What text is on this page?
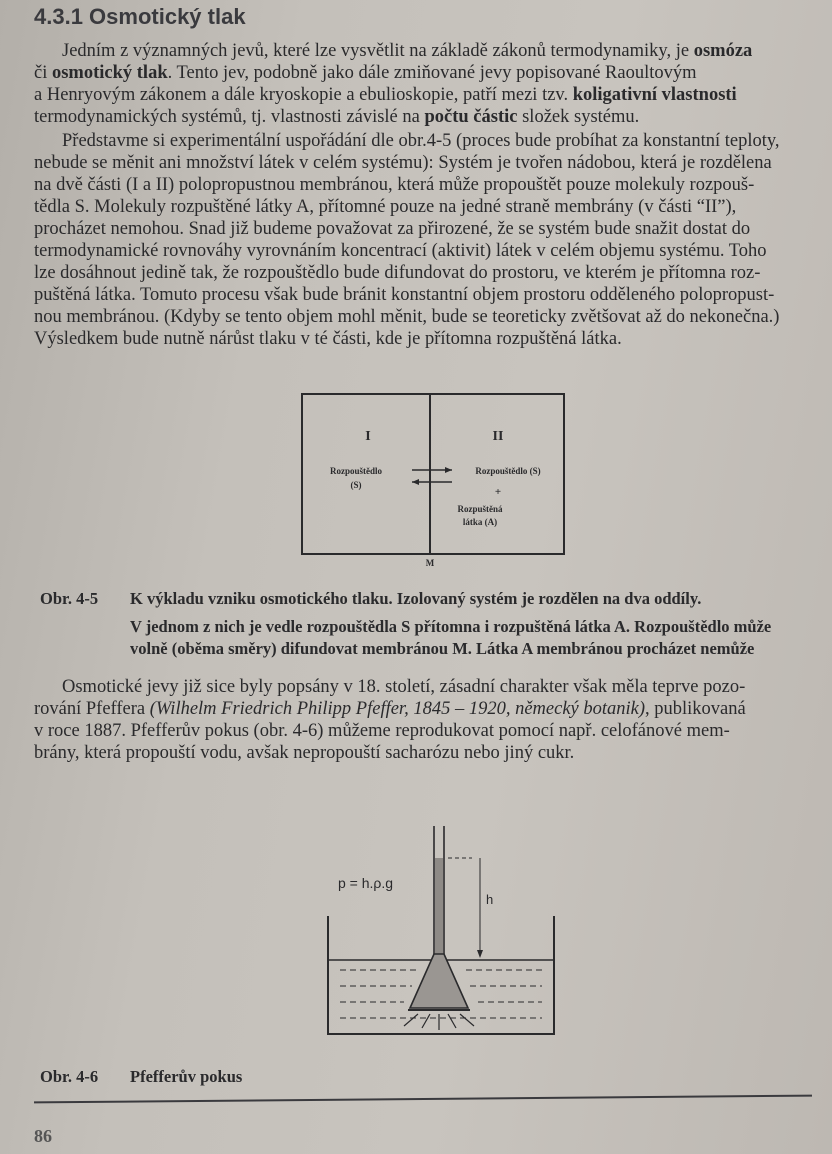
4.3.1 Osmotický tlak
Jedním z významných jevů, které lze vysvětlit na základě zákonů termodynamiky, je osmóza
či osmotický tlak. Tento jev, podobně jako dále zmiňované jevy popisované Raoultovým
a Henryovým zákonem a dále kryoskopie a ebulioskopie, patří mezi tzv. koligativní vlastnosti
termodynamických systémů, tj. vlastnosti závislé na počtu částic složek systému.
Představme si experimentální uspořádání dle obr.4-5 (proces bude probíhat za konstantní teploty,
nebude se měnit ani množství látek v celém systému): Systém je tvořen nádobou, která je rozdělena
na dvě části (I a II) polopropustnou membránou, která může propouštět pouze molekuly rozpouš-
tědla S. Molekuly rozpuštěné látky A, přítomné pouze na jedné straně membrány (v části “II”),
procházet nemohou. Snad již budeme považovat za přirozené, že se systém bude snažit dostat do
termodynamické rovnováhy vyrovnáním koncentrací (aktivit) látek v celém objemu systému. Toho
lze dosáhnout jedině tak, že rozpouštědlo bude difundovat do prostoru, ve kterém je přítomna roz-
puštěná látka. Tomuto procesu však bude bránit konstantní objem prostoru odděleného polopropust-
nou membránou. (Kdyby se tento objem mohl měnit, bude se teoreticky zvětšovat až do nekonečna.)
Výsledkem bude nutně nárůst tlaku v té části, kde je přítomna rozpuštěná látka.
I	II
Rozpouštědlo
(S)
Rozpouštědlo (S)
+
Rozpuštěná
látka (A)
M
Obr. 4-5 K výkladu vzniku osmotického tlaku. Izolovaný systém je rozdělen na dva oddíly.
V jednom z nich je vedle rozpouštědla S přítomna i rozpuštěná látka A. Rozpouštědlo může
volně (oběma směry) difundovat membránou M. Látka A membránou procházet nemůže
Osmotické jevy již sice byly popsány v 18. století, zásadní charakter však měla teprve pozo-
rování Pfeffera (Wilhelm Friedrich Philipp Pfeffer, 1845 – 1920, německý botanik), publikovaná
v roce 1887. Pfefferův pokus (obr. 4-6) můžeme reprodukovat pomocí např. celofánové mem-
brány, která propouští vodu, avšak nepropouští sacharózu nebo jiný cukr.
h
p = h.ρ.g
Obr. 4-6 Pfefferův pokus
86
